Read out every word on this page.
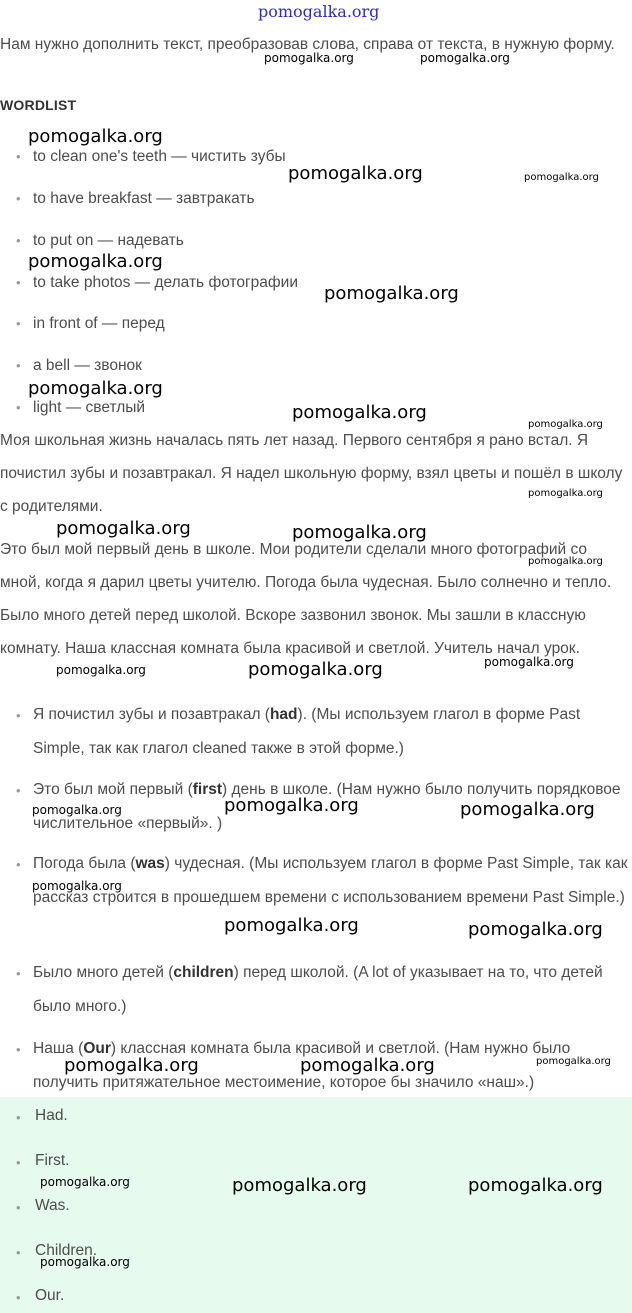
pomogalka.org
Нам нужно дополнить текст, преобразовав слова, справа от текста, в нужную форму.
WORDLIST
• to clean one's teeth — чистить зубы
• to have breakfast — завтракать
• to put on — надевать
• to take photos — делать фотографии
• in front of — перед
• a bell — звонок
• light — светлый
Моя школьная жизнь началась пять лет назад. Первого сентября я рано встал. Я почистил зубы и позавтракал. Я надел школьную форму, взял цветы и пошёл в школу с родителями.
Это был мой первый день в школе. Мои родители сделали много фотографий со мной, когда я дарил цветы учителю. Погода была чудесная. Было солнечно и тепло. Было много детей перед школой. Вскоре зазвонил звонок. Мы зашли в классную комнату. Наша классная комната была красивой и светлой. Учитель начал урок.
• Я почистил зубы и позавтракал (had). (Мы используем глагол в форме Past Simple, так как глагол cleaned также в этой форме.)
• Это был мой первый (first) день в школе. (Нам нужно было получить порядковое числительное «первый». )
• Погода была (was) чудесная. (Мы используем глагол в форме Past Simple, так как рассказ строится в прошедшем времени с использованием времени Past Simple.)
• Было много детей (children) перед школой. (A lot of указывает на то, что детей было много.)
• Наша (Our) классная комната была красивой и светлой. (Нам нужно было получить притяжательное местоимение, которое бы значило «наш».)
• Had.
• First.
• Was.
• Children.
• Our.
pomogalka.org	pomogalka.org
pomogalka.org
pomogalka.org	pomogalka.org
pomogalka.org
pomogalka.org
pomogalka.org
pomogalka.org
pomogalka.org
pomogalka.org
pomogalka.org	pomogalka.org
pomogalka.org
pomogalka.org
pomogalka.org
pomogalka.org
pomogalka.org
pomogalka.org	pomogalka.org
pomogalka.org
pomogalka.org	pomogalka.org
pomogalka.org
pomogalka.org	pomogalka.org
pomogalka.org	pomogalka.org	pomogalka.org
pomogalka.org
